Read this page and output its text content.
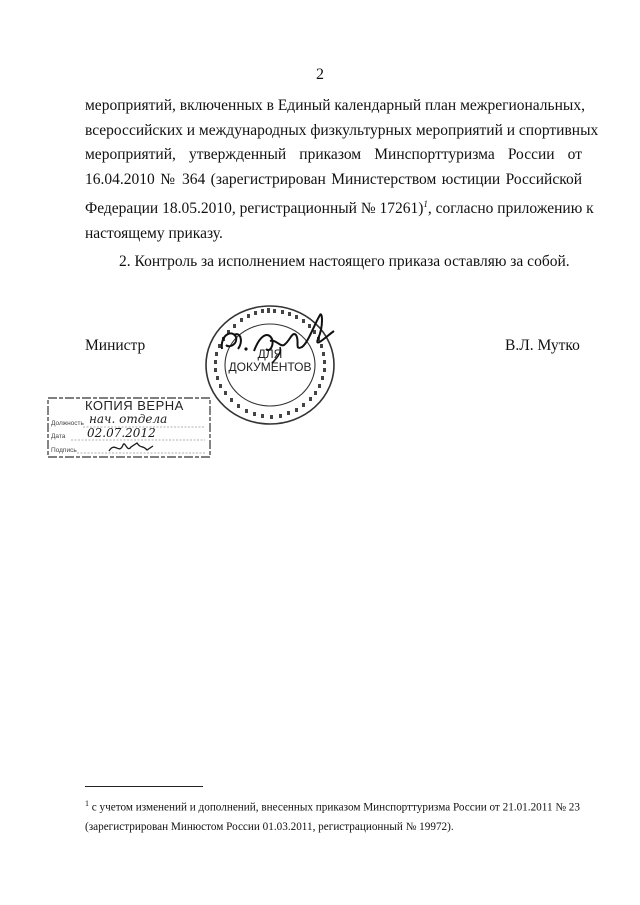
2
мероприятий, включенных в Единый календарный план межрегиональных,
всероссийских и международных физкультурных мероприятий и спортивных
мероприятий, утвержденный приказом Минспорттуризма России от
16.04.2010 № 364 (зарегистрирован Министерством юстиции Российской
Федерации 18.05.2010, регистрационный № 17261)$^1$, согласно приложению к
настоящему приказу.
2. Контроль за исполнением настоящего приказа оставляю за собой.
Министр	В.Л. Мутко
ДЛЯ
ДОКУМЕНТОВ
КОПИЯ ВЕРНА
Должность нач. отдела
Дата 02.07.2012
Подпись
$^1$ с учетом изменений и дополнений, внесенных приказом Минспорттуризма России от 21.01.2011 № 23 (зарегистрирован Минюстом России 01.03.2011, регистрационный № 19972).
